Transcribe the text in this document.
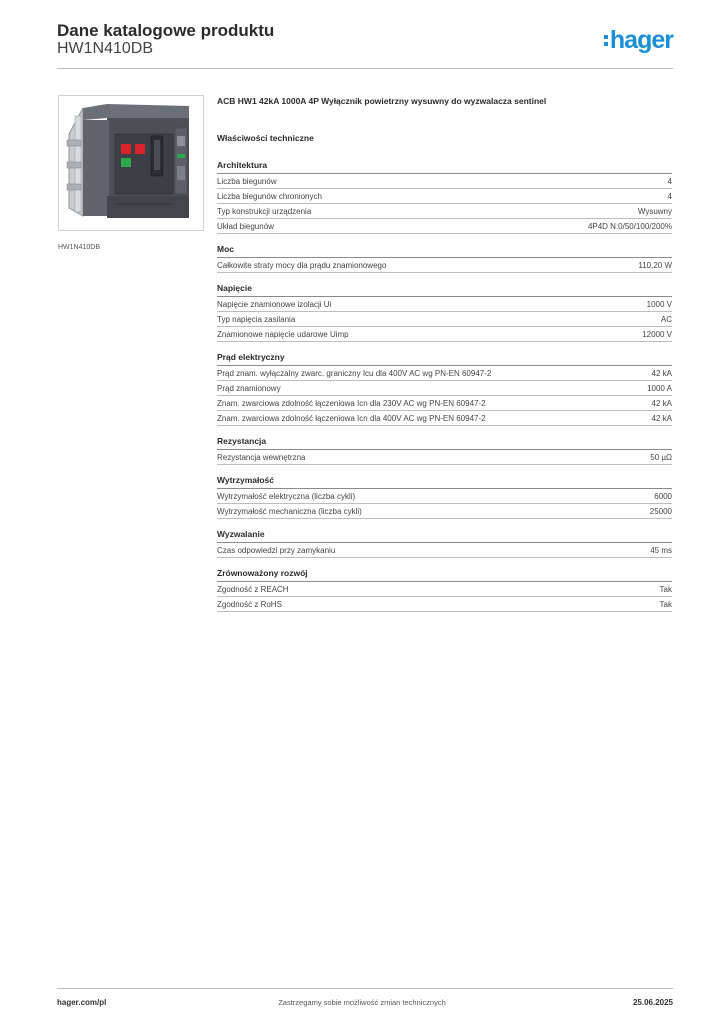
Dane katalogowe produktu
HW1N410DB	hager
HW1N410DB
ACB HW1 42kA 1000A 4P Wyłącznik powietrzny wysuwny do wyzwalacza sentinel
Właściwości techniczne
Architektura
Liczba biegunów	4
Liczba biegunów chronionych	4
Typ konstrukcji urządzenia	Wysuwny
Układ biegunów	4P4D N:0/50/100/200%
Moc
Całkowite straty mocy dla prądu znamionowego	110,20 W
Napięcie
Napięcie znamionowe izolacji Ui	1000 V
Typ napięcia zasilania	AC
Znamionowe napięcie udarowe Uimp	12000 V
Prąd elektryczny
Prąd znam. wyłączalny zwarc. graniczny Icu dla 400V AC wg PN-EN 60947-2	42 kA
Prąd znamionowy	1000 A
Znam. zwarciowa zdolność łączeniowa Icn dla 230V AC wg PN-EN 60947-2	42 kA
Znam. zwarciowa zdolność łączeniowa Icn dla 400V AC wg PN-EN 60947-2	42 kA
Rezystancja
Rezystancja wewnętrzna	50 µΩ
Wytrzymałość
Wytrzymałość elektryczna (liczba cykli)	6000
Wytrzymałość mechaniczna (liczba cykli)	25000
Wyzwalanie
Czas odpowiedzi przy zamykaniu	45 ms
Zrównoważony rozwój
Zgodność z REACH	Tak
Zgodność z RoHS	Tak
hager.com/pl	Zastrzegamy sobie możliwość zmian technicznych	25.06.2025
